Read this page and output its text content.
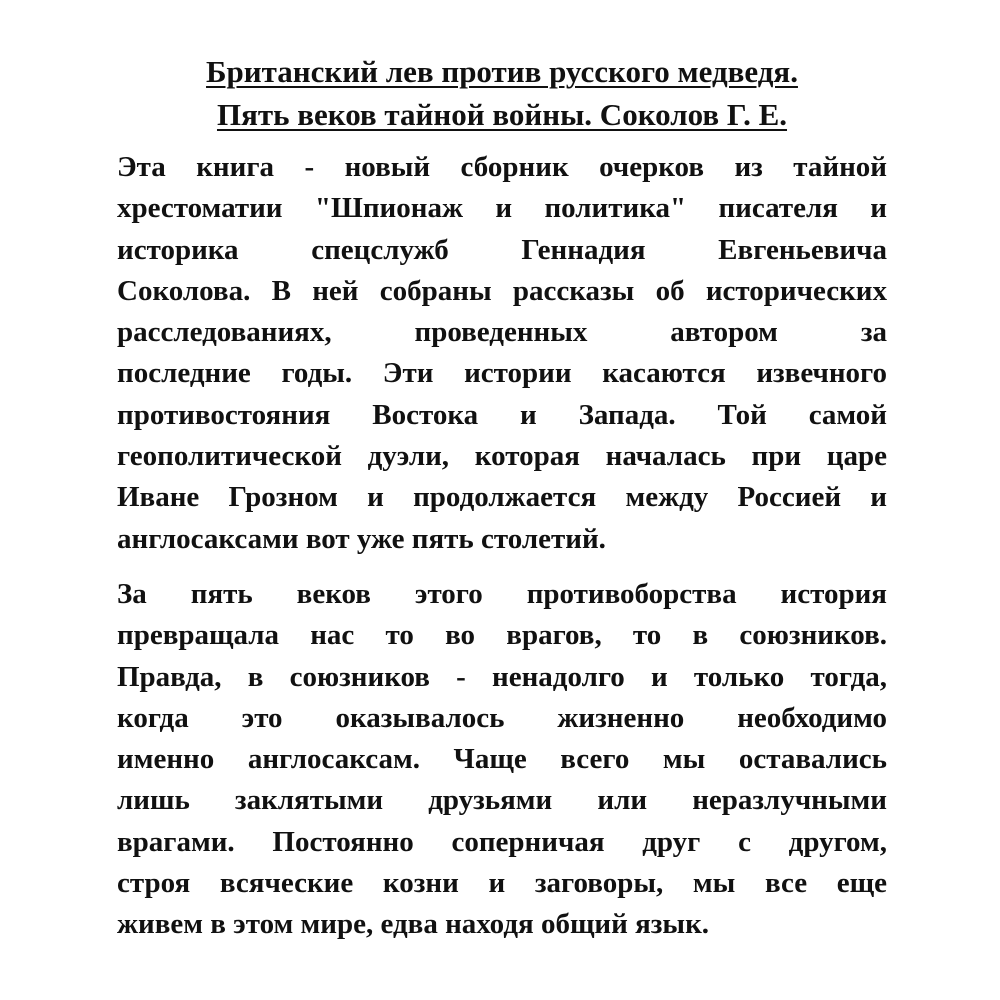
Британский лев против русского медведя.
Пять веков тайной войны. Соколов Г. Е.

Эта книга - новый сборник очерков из тайной
хрестоматии "Шпионаж и политика" писателя и
историка спецслужб Геннадия Евгеньевича
Соколова. В ней собраны рассказы об исторических
расследованиях, проведенных автором за
последние годы. Эти истории касаются извечного
противостояния Востока и Запада. Той самой
геополитической дуэли, которая началась при царе
Иване Грозном и продолжается между Россией и
англосаксами вот уже пять столетий.

За пять веков этого противоборства история
превращала нас то во врагов, то в союзников.
Правда, в союзников - ненадолго и только тогда,
когда это оказывалось жизненно необходимо
именно англосаксам. Чаще всего мы оставались
лишь заклятыми друзьями или неразлучными
врагами. Постоянно соперничая друг с другом,
строя всяческие козни и заговоры, мы все еще
живем в этом мире, едва находя общий язык.
